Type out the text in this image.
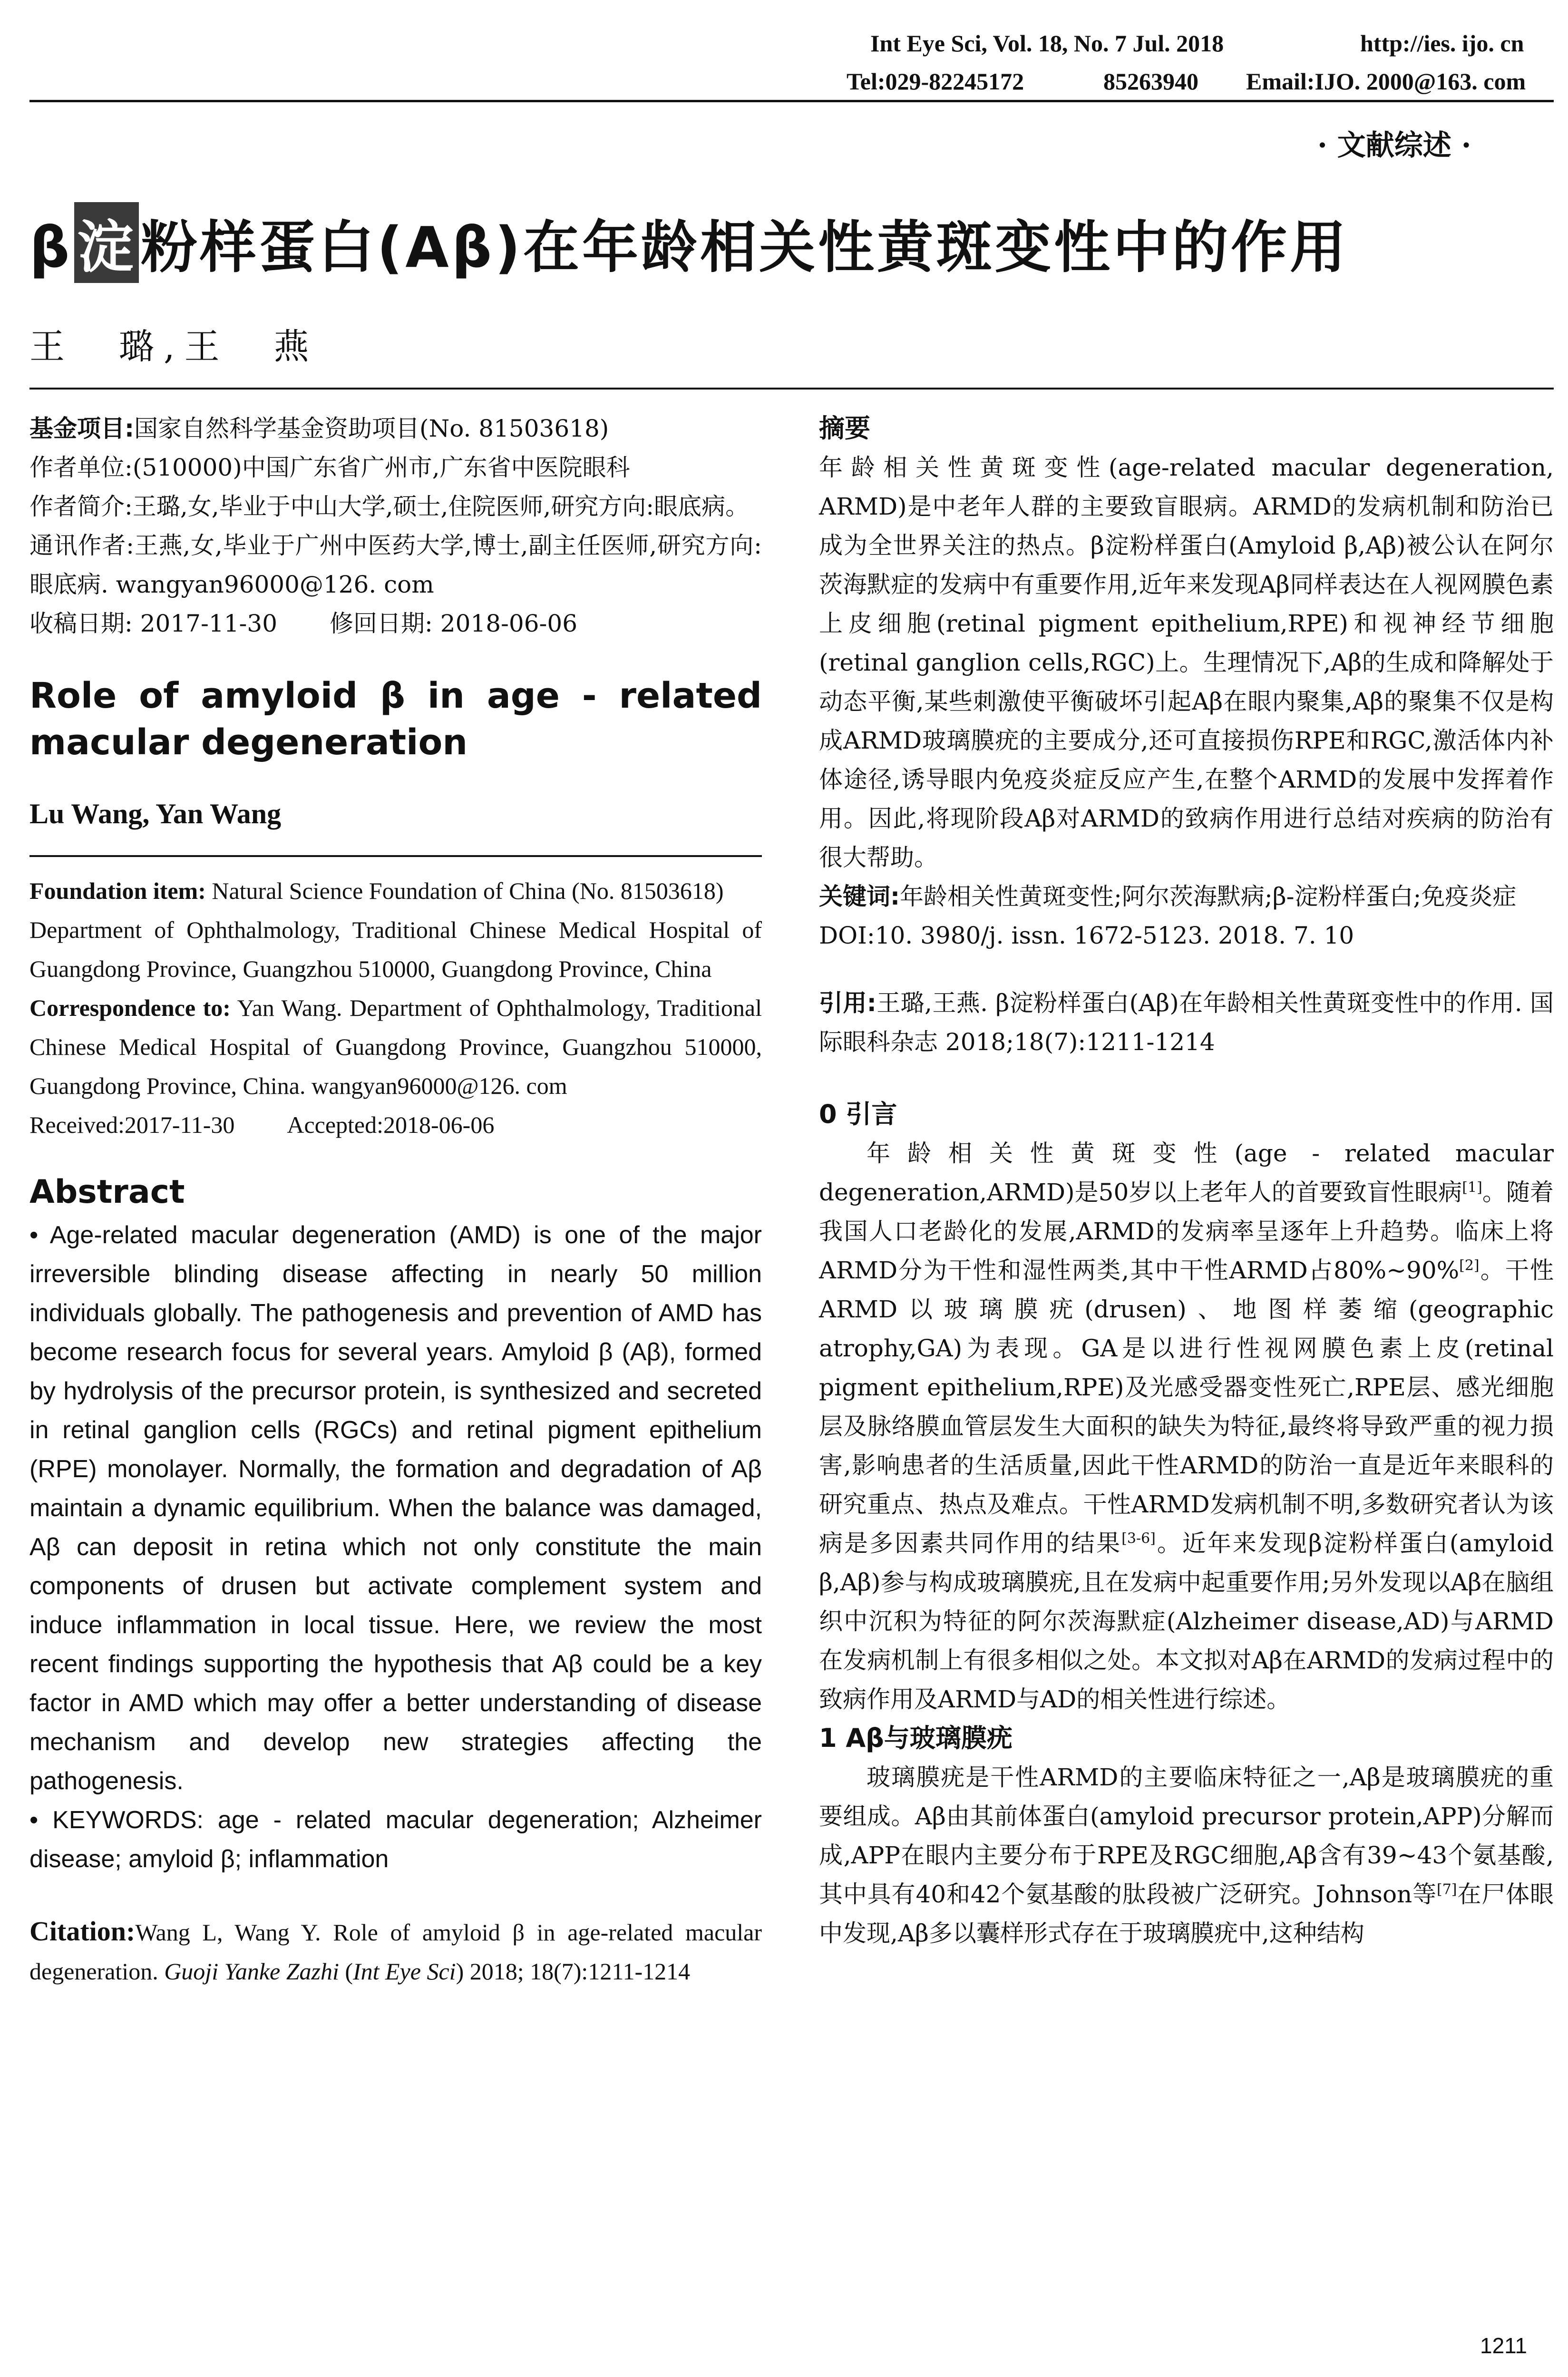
Int Eye Sci, Vol. 18, No. 7 Jul. 2018	http://ies. ijo. cn
Tel:029-82245172	85263940 Email:IJO. 2000@163. com
· 文献综述 ·
β淀粉样蛋白(Aβ)在年龄相关性黄斑变性中的作用
王　璐,王　燕

基金项目:国家自然科学基金资助项目(No. 81503618)

作者单位:(510000)中国广东省广州市,广东省中医院眼科

作者简介:王璐,女,毕业于中山大学,硕士,住院医师,研究方向:眼底病。

通讯作者:王燕,女,毕业于广州中医药大学,博士,副主任医师,研究方向:眼底病. wangyan96000@126. com

收稿日期: 2017-11-30 修回日期: 2018-06-06

Role of amyloid β in age - related macular degeneration
Lu Wang, Yan Wang

Foundation item: Natural Science Foundation of China (No. 81503618)

Department of Ophthalmology, Traditional Chinese Medical Hospital of Guangdong Province, Guangzhou 510000, Guangdong Province, China

Correspondence to: Yan Wang. Department of Ophthalmology, Traditional Chinese Medical Hospital of Guangdong Province, Guangzhou 510000, Guangdong Province, China. wangyan96000@126. com

Received:2017-11-30 Accepted:2018-06-06

Abstract

• Age-related macular degeneration (AMD) is one of the major irreversible blinding disease affecting in nearly 50 million individuals globally. The pathogenesis and prevention of AMD has become research focus for several years. Amyloid β (Aβ), formed by hydrolysis of the precursor protein, is synthesized and secreted in retinal ganglion cells (RGCs) and retinal pigment epithelium (RPE) monolayer. Normally, the formation and degradation of Aβ maintain a dynamic equilibrium. When the balance was damaged, Aβ can deposit in retina which not only constitute the main components of drusen but activate complement system and induce inflammation in local tissue. Here, we review the most recent findings supporting the hypothesis that Aβ could be a key factor in AMD which may offer a better understanding of disease mechanism and develop new strategies affecting the pathogenesis.

• KEYWORDS: age - related macular degeneration; Alzheimer disease; amyloid β; inflammation

Citation:Wang L, Wang Y. Role of amyloid β in age-related macular degeneration. Guoji Yanke Zazhi (Int Eye Sci) 2018; 18(7):1211-1214

摘要

年龄相关性黄斑变性(age-related macular degeneration, ARMD)是中老年人群的主要致盲眼病。ARMD的发病机制和防治已成为全世界关注的热点。β淀粉样蛋白(Amyloid β,Aβ)被公认在阿尔茨海默症的发病中有重要作用,近年来发现Aβ同样表达在人视网膜色素上皮细胞(retinal pigment epithelium,RPE)和视神经节细胞(retinal ganglion cells,RGC)上。生理情况下,Aβ的生成和降解处于动态平衡,某些刺激使平衡破坏引起Aβ在眼内聚集,Aβ的聚集不仅是构成ARMD玻璃膜疣的主要成分,还可直接损伤RPE和RGC,激活体内补体途径,诱导眼内免疫炎症反应产生,在整个ARMD的发展中发挥着作用。因此,将现阶段Aβ对ARMD的致病作用进行总结对疾病的防治有很大帮助。

关键词:年龄相关性黄斑变性;阿尔茨海默病;β-淀粉样蛋白;免疫炎症

DOI:10. 3980/j. issn. 1672-5123. 2018. 7. 10

引用:王璐,王燕. β淀粉样蛋白(Aβ)在年龄相关性黄斑变性中的作用. 国际眼科杂志 2018;18(7):1211-1214

0 引言

年龄相关性黄斑变性(age - related macular degeneration,ARMD)是50岁以上老年人的首要致盲性眼病[1]。随着我国人口老龄化的发展,ARMD的发病率呈逐年上升趋势。临床上将ARMD分为干性和湿性两类,其中干性ARMD占80%~90%[2]。干性ARMD以玻璃膜疣(drusen)、地图样萎缩(geographic atrophy,GA)为表现。GA是以进行性视网膜色素上皮(retinal pigment epithelium,RPE)及光感受器变性死亡,RPE层、感光细胞层及脉络膜血管层发生大面积的缺失为特征,最终将导致严重的视力损害,影响患者的生活质量,因此干性ARMD的防治一直是近年来眼科的研究重点、热点及难点。干性ARMD发病机制不明,多数研究者认为该病是多因素共同作用的结果[3-6]。近年来发现β淀粉样蛋白(amyloid β,Aβ)参与构成玻璃膜疣,且在发病中起重要作用;另外发现以Aβ在脑组织中沉积为特征的阿尔茨海默症(Alzheimer disease,AD)与ARMD在发病机制上有很多相似之处。本文拟对Aβ在ARMD的发病过程中的致病作用及ARMD与AD的相关性进行综述。

1 Aβ与玻璃膜疣

玻璃膜疣是干性ARMD的主要临床特征之一,Aβ是玻璃膜疣的重要组成。Aβ由其前体蛋白(amyloid precursor protein,APP)分解而成,APP在眼内主要分布于RPE及RGC细胞,Aβ含有39~43个氨基酸,其中具有40和42个氨基酸的肽段被广泛研究。Johnson等[7]在尸体眼中发现,Aβ多以囊样形式存在于玻璃膜疣中,这种结构

1211
